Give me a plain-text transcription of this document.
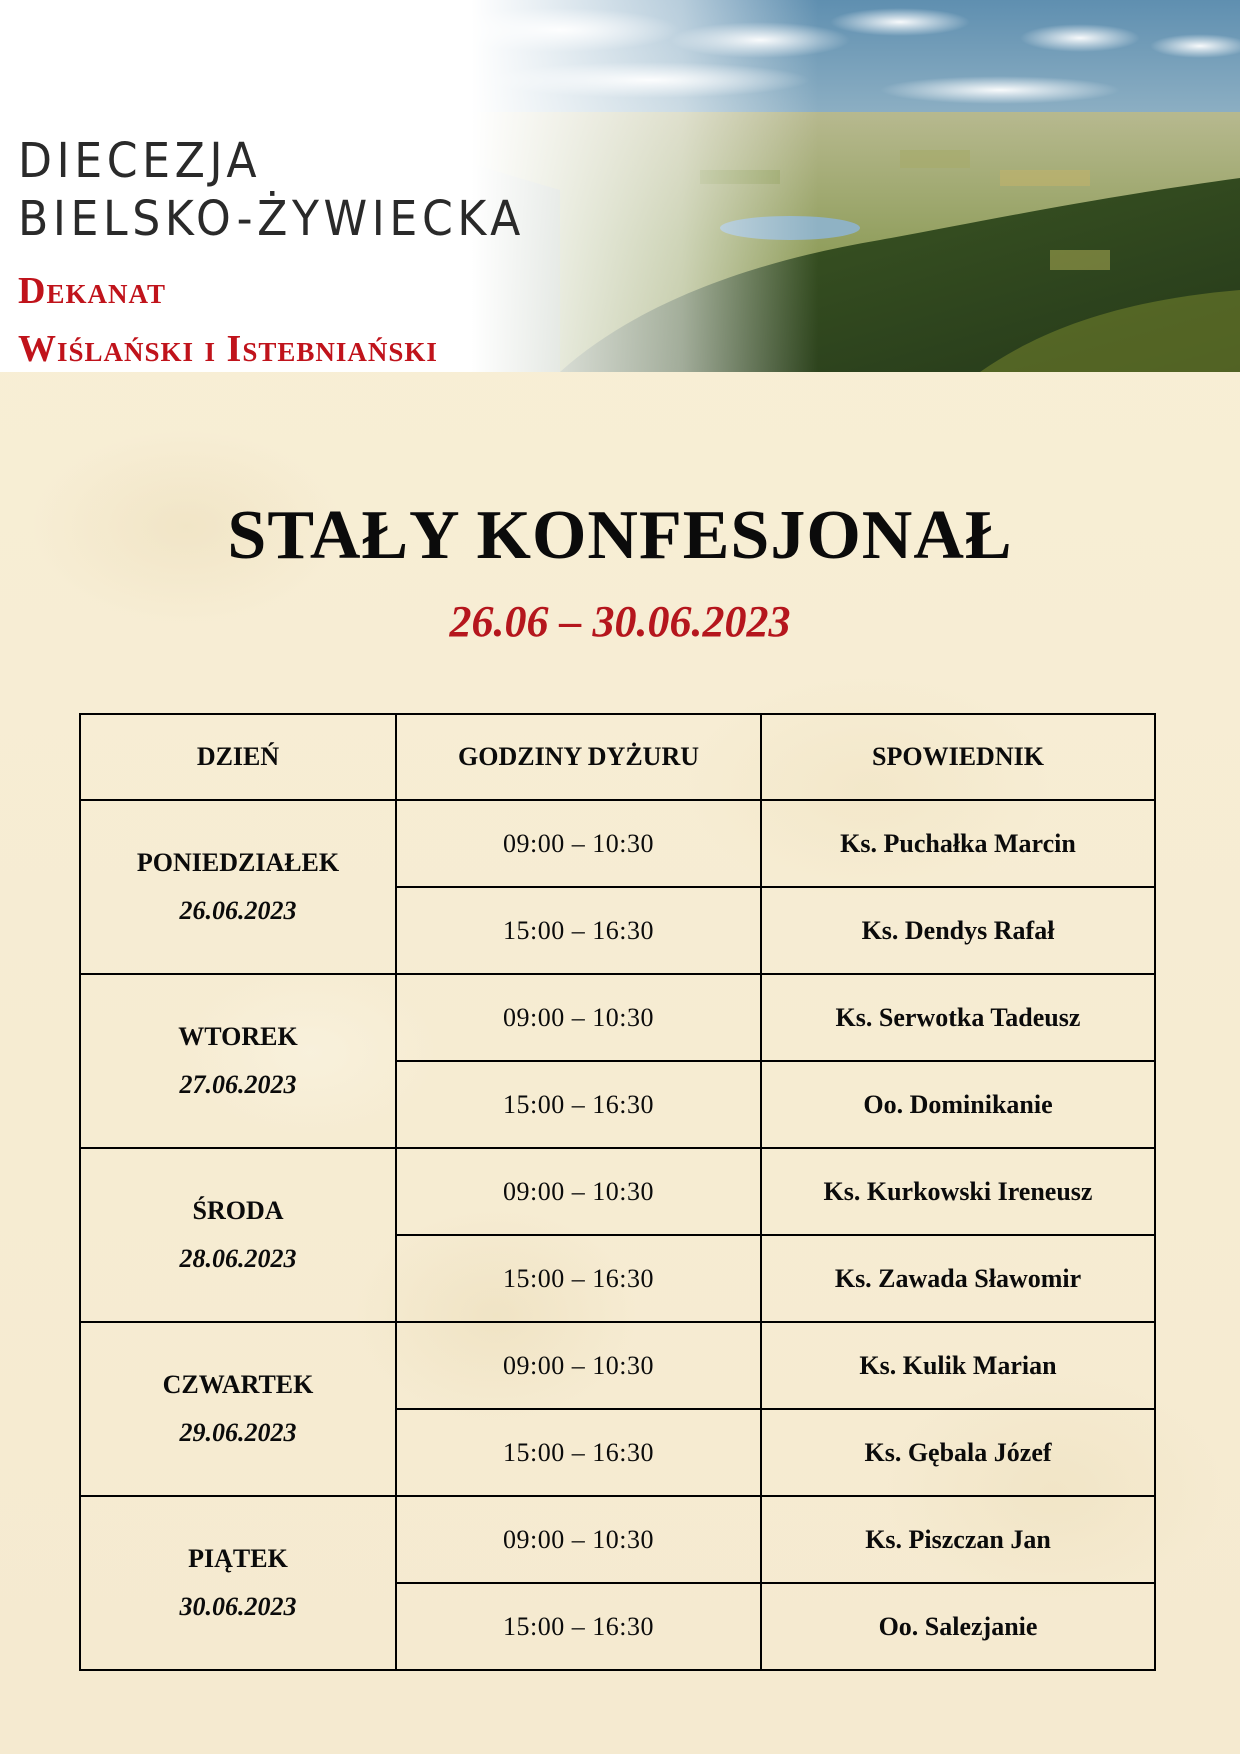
DIECEZJA
BIELSKO-ŻYWIECKA
Dekanat
Wiślański i Istebniański
STAŁY KONFESJONAŁ
26.06 – 30.06.2023
DZIEŃ	GODZINY DYŻURU	SPOWIEDNIK

PONIEDZIAŁEK
26.06.2023	09:00 – 10:30	Ks. Puchałka Marcin
	15:00 – 16:30	Ks. Dendys Rafał

WTOREK
27.06.2023	09:00 – 10:30	Ks. Serwotka Tadeusz
	15:00 – 16:30	Oo. Dominikanie

ŚRODA
28.06.2023	09:00 – 10:30	Ks. Kurkowski Ireneusz
	15:00 – 16:30	Ks. Zawada Sławomir

CZWARTEK
29.06.2023	09:00 – 10:30	Ks. Kulik Marian
	15:00 – 16:30	Ks. Gębala Józef

PIĄTEK
30.06.2023	09:00 – 10:30	Ks. Piszczan Jan
	15:00 – 16:30	Oo. Salezjanie
